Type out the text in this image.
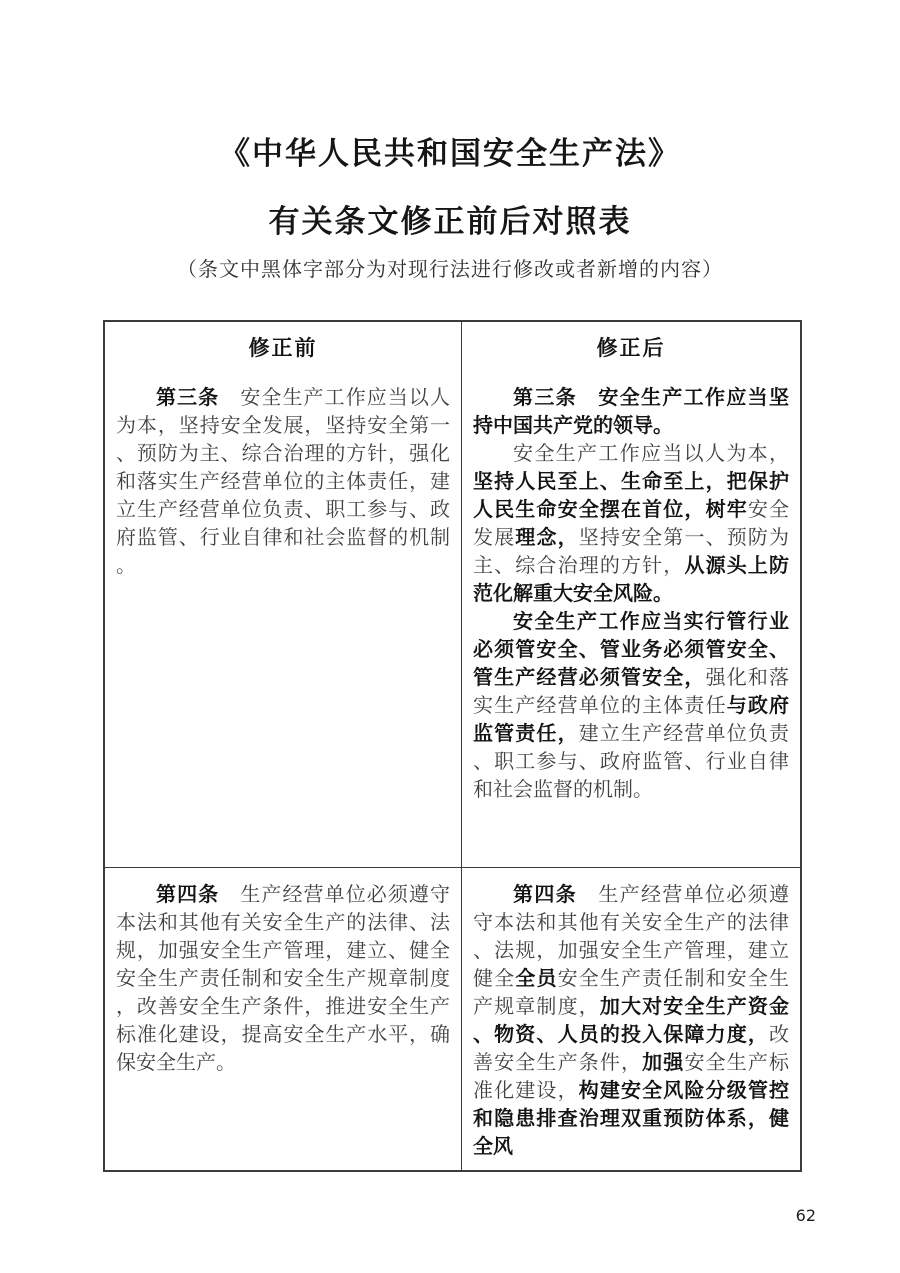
《中华人民共和国安全生产法》
有关条文修正前后对照表
（条文中黑体字部分为对现行法进行修改或者新增的内容）
修正前	修正后

第三条　安全生产工作应当以人为本，坚持安全发展，坚持安全第一、预防为主、综合治理的方针，强化和落实生产经营单位的主体责任，建立生产经营单位负责、职工参与、政府监管、行业自律和社会监督的机制。

第三条　安全生产工作应当坚持中国共产党的领导。

安全生产工作应当以人为本，坚持人民至上、生命至上，把保护人民生命安全摆在首位，树牢安全发展理念，坚持安全第一、预防为主、综合治理的方针，从源头上防范化解重大安全风险。

安全生产工作应当实行管行业必须管安全、管业务必须管安全、管生产经营必须管安全，强化和落实生产经营单位的主体责任与政府监管责任，建立生产经营单位负责、职工参与、政府监管、行业自律和社会监督的机制。

第四条　生产经营单位必须遵守本法和其他有关安全生产的法律、法规，加强安全生产管理，建立、健全安全生产责任制和安全生产规章制度，改善安全生产条件，推进安全生产标准化建设，提高安全生产水平，确保安全生产。

第四条　生产经营单位必须遵守本法和其他有关安全生产的法律、法规，加强安全生产管理，建立健全全员安全生产责任制和安全生产规章制度，加大对安全生产资金、物资、人员的投入保障力度，改善安全生产条件，加强安全生产标准化建设，构建安全风险分级管控和隐患排查治理双重预防体系，健全风

62
